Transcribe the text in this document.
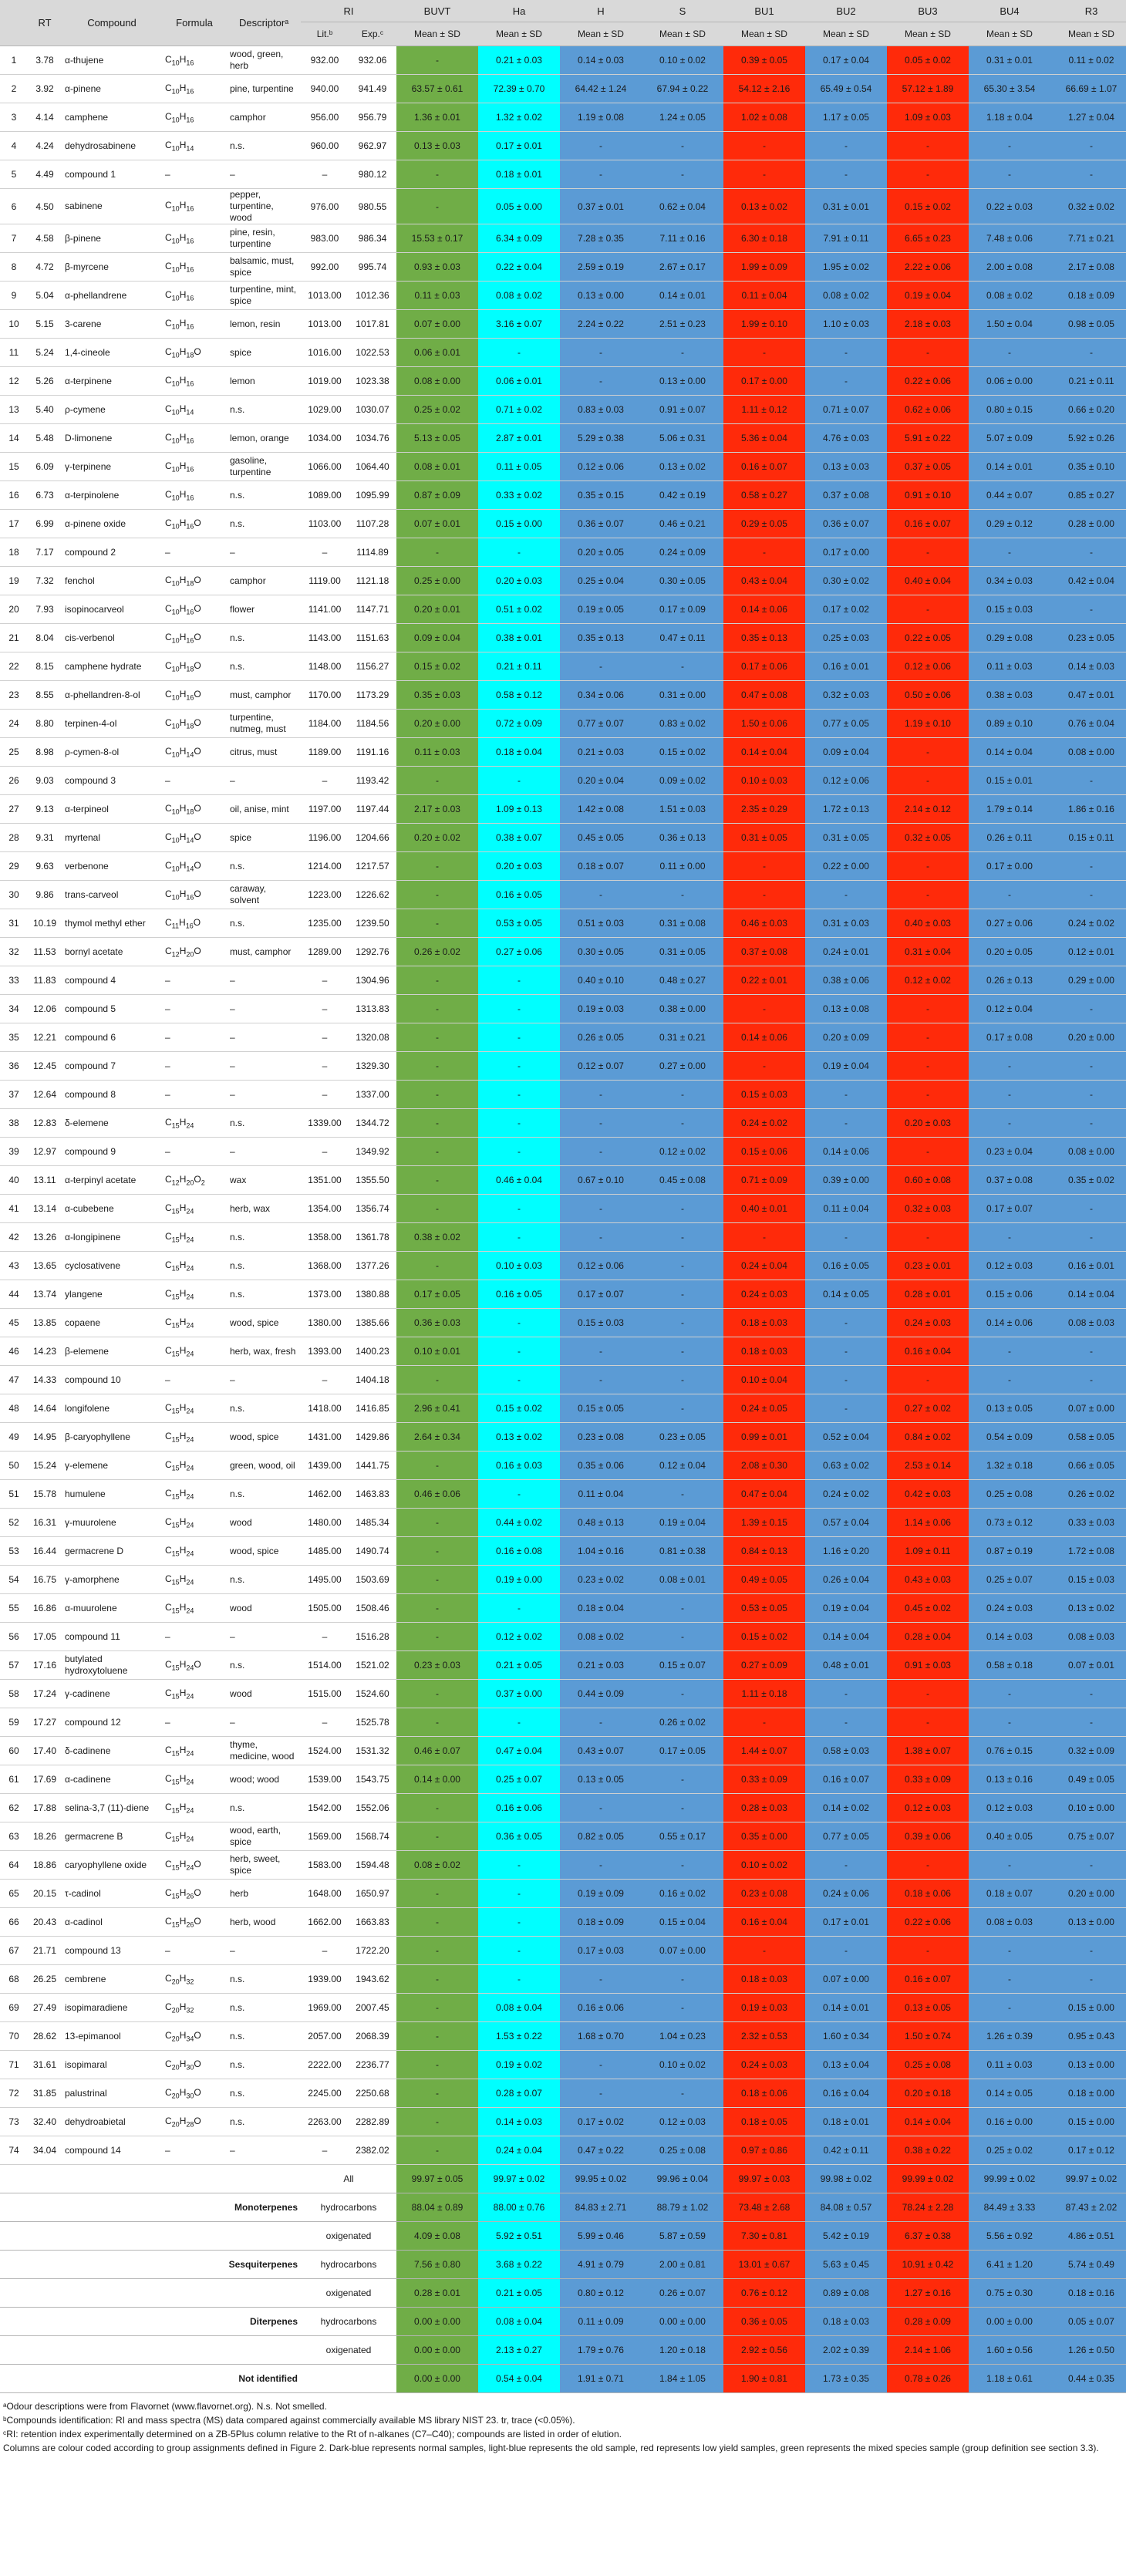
	RT	Compound	Formula	Descriptorᵃ	RI		BUVT	Ha	H	S	BU1	BU2	BU3	BU4	R3
					Lit.ᵇ	Exp.ᶜ	Mean ± SD	Mean ± SD	Mean ± SD	Mean ± SD	Mean ± SD	Mean ± SD	Mean ± SD	Mean ± SD	Mean ± SD
1	3.78	α-thujene	$C_{10}H_{16}$	wood, green, herb	932.00	932.06	-	0.21 ± 0.03	0.14 ± 0.03	0.10 ± 0.02	0.39 ± 0.05	0.17 ± 0.04	0.05 ± 0.02	0.31 ± 0.01	0.11 ± 0.02
2	3.92	α-pinene	$C_{10}H_{16}$	pine, turpentine	940.00	941.49	63.57 ± 0.61	72.39 ± 0.70	64.42 ± 1.24	67.94 ± 0.22	54.12 ± 2.16	65.49 ± 0.54	57.12 ± 1.89	65.30 ± 3.54	66.69 ± 1.07
3	4.14	camphene	$C_{10}H_{16}$	camphor	956.00	956.79	1.36 ± 0.01	1.32 ± 0.02	1.19 ± 0.08	1.24 ± 0.05	1.02 ± 0.08	1.17 ± 0.05	1.09 ± 0.03	1.18 ± 0.04	1.27 ± 0.04
4	4.24	dehydrosabinene	$C_{10}H_{14}$	n.s.	960.00	962.97	0.13 ± 0.03	0.17 ± 0.01	-	-	-	-	-	-	-
5	4.49	compound 1	–	–	–	980.12	-	0.18 ± 0.01	-	-	-	-	-	-	-
6	4.50	sabinene	$C_{10}H_{16}$	pepper, turpentine, wood	976.00	980.55	-	0.05 ± 0.00	0.37 ± 0.01	0.62 ± 0.04	0.13 ± 0.02	0.31 ± 0.01	0.15 ± 0.02	0.22 ± 0.03	0.32 ± 0.02
7	4.58	β-pinene	$C_{10}H_{16}$	pine, resin, turpentine	983.00	986.34	15.53 ± 0.17	6.34 ± 0.09	7.28 ± 0.35	7.11 ± 0.16	6.30 ± 0.18	7.91 ± 0.11	6.65 ± 0.23	7.48 ± 0.06	7.71 ± 0.21
8	4.72	β-myrcene	$C_{10}H_{16}$	balsamic, must, spice	992.00	995.74	0.93 ± 0.03	0.22 ± 0.04	2.59 ± 0.19	2.67 ± 0.17	1.99 ± 0.09	1.95 ± 0.02	2.22 ± 0.06	2.00 ± 0.08	2.17 ± 0.08
9	5.04	α-phellandrene	$C_{10}H_{16}$	turpentine, mint, spice	1013.00	1012.36	0.11 ± 0.03	0.08 ± 0.02	0.13 ± 0.00	0.14 ± 0.01	0.11 ± 0.04	0.08 ± 0.02	0.19 ± 0.04	0.08 ± 0.02	0.18 ± 0.09
10	5.15	3-carene	$C_{10}H_{16}$	lemon, resin	1013.00	1017.81	0.07 ± 0.00	3.16 ± 0.07	2.24 ± 0.22	2.51 ± 0.23	1.99 ± 0.10	1.10 ± 0.03	2.18 ± 0.03	1.50 ± 0.04	0.98 ± 0.05
11	5.24	1,4-cineole	$C_{10}H_{18}O$	spice	1016.00	1022.53	0.06 ± 0.01	-	-	-	-	-	-	-	-
12	5.26	α-terpinene	$C_{10}H_{16}$	lemon	1019.00	1023.38	0.08 ± 0.00	0.06 ± 0.01	-	0.13 ± 0.00	0.17 ± 0.00	-	0.22 ± 0.06	0.06 ± 0.00	0.21 ± 0.11
13	5.40	ρ-cymene	$C_{10}H_{14}$	n.s.	1029.00	1030.07	0.25 ± 0.02	0.71 ± 0.02	0.83 ± 0.03	0.91 ± 0.07	1.11 ± 0.12	0.71 ± 0.07	0.62 ± 0.06	0.80 ± 0.15	0.66 ± 0.20
14	5.48	D-limonene	$C_{10}H_{16}$	lemon, orange	1034.00	1034.76	5.13 ± 0.05	2.87 ± 0.01	5.29 ± 0.38	5.06 ± 0.31	5.36 ± 0.04	4.76 ± 0.03	5.91 ± 0.22	5.07 ± 0.09	5.92 ± 0.26
15	6.09	γ-terpinene	$C_{10}H_{16}$	gasoline, turpentine	1066.00	1064.40	0.08 ± 0.01	0.11 ± 0.05	0.12 ± 0.06	0.13 ± 0.02	0.16 ± 0.07	0.13 ± 0.03	0.37 ± 0.05	0.14 ± 0.01	0.35 ± 0.10
16	6.73	α-terpinolene	$C_{10}H_{16}$	n.s.	1089.00	1095.99	0.87 ± 0.09	0.33 ± 0.02	0.35 ± 0.15	0.42 ± 0.19	0.58 ± 0.27	0.37 ± 0.08	0.91 ± 0.10	0.44 ± 0.07	0.85 ± 0.27
17	6.99	α-pinene oxide	$C_{10}H_{16}O$	n.s.	1103.00	1107.28	0.07 ± 0.01	0.15 ± 0.00	0.36 ± 0.07	0.46 ± 0.21	0.29 ± 0.05	0.36 ± 0.07	0.16 ± 0.07	0.29 ± 0.12	0.28 ± 0.00
18	7.17	compound 2	–	–	–	1114.89	-	-	0.20 ± 0.05	0.24 ± 0.09	-	0.17 ± 0.00	-	-	-
19	7.32	fenchol	$C_{10}H_{18}O$	camphor	1119.00	1121.18	0.25 ± 0.00	0.20 ± 0.03	0.25 ± 0.04	0.30 ± 0.05	0.43 ± 0.04	0.30 ± 0.02	0.40 ± 0.04	0.34 ± 0.03	0.42 ± 0.04
20	7.93	isopinocarveol	$C_{10}H_{16}O$	flower	1141.00	1147.71	0.20 ± 0.01	0.51 ± 0.02	0.19 ± 0.05	0.17 ± 0.09	0.14 ± 0.06	0.17 ± 0.02	-	0.15 ± 0.03	-
21	8.04	cis-verbenol	$C_{10}H_{16}O$	n.s.	1143.00	1151.63	0.09 ± 0.04	0.38 ± 0.01	0.35 ± 0.13	0.47 ± 0.11	0.35 ± 0.13	0.25 ± 0.03	0.22 ± 0.05	0.29 ± 0.08	0.23 ± 0.05
22	8.15	camphene hydrate	$C_{10}H_{18}O$	n.s.	1148.00	1156.27	0.15 ± 0.02	0.21 ± 0.11	-	-	0.17 ± 0.06	0.16 ± 0.01	0.12 ± 0.06	0.11 ± 0.03	0.14 ± 0.03
23	8.55	α-phellandren-8-ol	$C_{10}H_{16}O$	must, camphor	1170.00	1173.29	0.35 ± 0.03	0.58 ± 0.12	0.34 ± 0.06	0.31 ± 0.00	0.47 ± 0.08	0.32 ± 0.03	0.50 ± 0.06	0.38 ± 0.03	0.47 ± 0.01
24	8.80	terpinen-4-ol	$C_{10}H_{18}O$	turpentine, nutmeg, must	1184.00	1184.56	0.20 ± 0.00	0.72 ± 0.09	0.77 ± 0.07	0.83 ± 0.02	1.50 ± 0.06	0.77 ± 0.05	1.19 ± 0.10	0.89 ± 0.10	0.76 ± 0.04
25	8.98	ρ-cymen-8-ol	$C_{10}H_{14}O$	citrus, must	1189.00	1191.16	0.11 ± 0.03	0.18 ± 0.04	0.21 ± 0.03	0.15 ± 0.02	0.14 ± 0.04	0.09 ± 0.04	-	0.14 ± 0.04	0.08 ± 0.00
26	9.03	compound 3	–	–	–	1193.42	-	-	0.20 ± 0.04	0.09 ± 0.02	0.10 ± 0.03	0.12 ± 0.06	-	0.15 ± 0.01	-
27	9.13	α-terpineol	$C_{10}H_{18}O$	oil, anise, mint	1197.00	1197.44	2.17 ± 0.03	1.09 ± 0.13	1.42 ± 0.08	1.51 ± 0.03	2.35 ± 0.29	1.72 ± 0.13	2.14 ± 0.12	1.79 ± 0.14	1.86 ± 0.16
28	9.31	myrtenal	$C_{10}H_{14}O$	spice	1196.00	1204.66	0.20 ± 0.02	0.38 ± 0.07	0.45 ± 0.05	0.36 ± 0.13	0.31 ± 0.05	0.31 ± 0.05	0.32 ± 0.05	0.26 ± 0.11	0.15 ± 0.11
29	9.63	verbenone	$C_{10}H_{14}O$	n.s.	1214.00	1217.57	-	0.20 ± 0.03	0.18 ± 0.07	0.11 ± 0.00	-	0.22 ± 0.00	-	0.17 ± 0.00	-
30	9.86	trans-carveol	$C_{10}H_{16}O$	caraway, solvent	1223.00	1226.62	-	0.16 ± 0.05	-	-	-	-	-	-	-
31	10.19	thymol methyl ether	$C_{11}H_{16}O$	n.s.	1235.00	1239.50	-	0.53 ± 0.05	0.51 ± 0.03	0.31 ± 0.08	0.46 ± 0.03	0.31 ± 0.03	0.40 ± 0.03	0.27 ± 0.06	0.24 ± 0.02
32	11.53	bornyl acetate	$C_{12}H_{20}O$	must, camphor	1289.00	1292.76	0.26 ± 0.02	0.27 ± 0.06	0.30 ± 0.05	0.31 ± 0.05	0.37 ± 0.08	0.24 ± 0.01	0.31 ± 0.04	0.20 ± 0.05	0.12 ± 0.01
33	11.83	compound 4	–	–	–	1304.96	-	-	0.40 ± 0.10	0.48 ± 0.27	0.22 ± 0.01	0.38 ± 0.06	0.12 ± 0.02	0.26 ± 0.13	0.29 ± 0.00
34	12.06	compound 5	–	–	–	1313.83	-	-	0.19 ± 0.03	0.38 ± 0.00	-	0.13 ± 0.08	-	0.12 ± 0.04	-
35	12.21	compound 6	–	–	–	1320.08	-	-	0.26 ± 0.05	0.31 ± 0.21	0.14 ± 0.06	0.20 ± 0.09	-	0.17 ± 0.08	0.20 ± 0.00
36	12.45	compound 7	–	–	–	1329.30	-	-	0.12 ± 0.07	0.27 ± 0.00	-	0.19 ± 0.04	-	-	-
37	12.64	compound 8	–	–	–	1337.00	-	-	-	-	0.15 ± 0.03	-	-	-	-
38	12.83	δ-elemene	$C_{15}H_{24}$	n.s.	1339.00	1344.72	-	-	-	-	0.24 ± 0.02	-	0.20 ± 0.03	-	-
39	12.97	compound 9	–	–	–	1349.92	-	-	-	0.12 ± 0.02	0.15 ± 0.06	0.14 ± 0.06	-	0.23 ± 0.04	0.08 ± 0.00
40	13.11	α-terpinyl acetate	$C_{12}H_{20}O_2$	wax	1351.00	1355.50	-	0.46 ± 0.04	0.67 ± 0.10	0.45 ± 0.08	0.71 ± 0.09	0.39 ± 0.00	0.60 ± 0.08	0.37 ± 0.08	0.35 ± 0.02
41	13.14	α-cubebene	$C_{15}H_{24}$	herb, wax	1354.00	1356.74	-	-	-	-	0.40 ± 0.01	0.11 ± 0.04	0.32 ± 0.03	0.17 ± 0.07	-
42	13.26	α-longipinene	$C_{15}H_{24}$	n.s.	1358.00	1361.78	0.38 ± 0.02	-	-	-	-	-	-	-	-
43	13.65	cyclosativene	$C_{15}H_{24}$	n.s.	1368.00	1377.26	-	0.10 ± 0.03	0.12 ± 0.06	-	0.24 ± 0.04	0.16 ± 0.05	0.23 ± 0.01	0.12 ± 0.03	0.16 ± 0.01
44	13.74	ylangene	$C_{15}H_{24}$	n.s.	1373.00	1380.88	0.17 ± 0.05	0.16 ± 0.05	0.17 ± 0.07	-	0.24 ± 0.03	0.14 ± 0.05	0.28 ± 0.01	0.15 ± 0.06	0.14 ± 0.04
45	13.85	copaene	$C_{15}H_{24}$	wood, spice	1380.00	1385.66	0.36 ± 0.03	-	0.15 ± 0.03	-	0.18 ± 0.03	-	0.24 ± 0.03	0.14 ± 0.06	0.08 ± 0.03
46	14.23	β-elemene	$C_{15}H_{24}$	herb, wax, fresh	1393.00	1400.23	0.10 ± 0.01	-	-	-	0.18 ± 0.03	-	0.16 ± 0.04	-	-
47	14.33	compound 10	–	–	–	1404.18	-	-	-	-	0.10 ± 0.04	-	-	-	-
48	14.64	longifolene	$C_{15}H_{24}$	n.s.	1418.00	1416.85	2.96 ± 0.41	0.15 ± 0.02	0.15 ± 0.05	-	0.24 ± 0.05	-	0.27 ± 0.02	0.13 ± 0.05	0.07 ± 0.00
49	14.95	β-caryophyllene	$C_{15}H_{24}$	wood, spice	1431.00	1429.86	2.64 ± 0.34	0.13 ± 0.02	0.23 ± 0.08	0.23 ± 0.05	0.99 ± 0.01	0.52 ± 0.04	0.84 ± 0.02	0.54 ± 0.09	0.58 ± 0.05
50	15.24	γ-elemene	$C_{15}H_{24}$	green, wood, oil	1439.00	1441.75	-	0.16 ± 0.03	0.35 ± 0.06	0.12 ± 0.04	2.08 ± 0.30	0.63 ± 0.02	2.53 ± 0.14	1.32 ± 0.18	0.66 ± 0.05
51	15.78	humulene	$C_{15}H_{24}$	n.s.	1462.00	1463.83	0.46 ± 0.06	-	0.11 ± 0.04	-	0.47 ± 0.04	0.24 ± 0.02	0.42 ± 0.03	0.25 ± 0.08	0.26 ± 0.02
52	16.31	γ-muurolene	$C_{15}H_{24}$	wood	1480.00	1485.34	-	0.44 ± 0.02	0.48 ± 0.13	0.19 ± 0.04	1.39 ± 0.15	0.57 ± 0.04	1.14 ± 0.06	0.73 ± 0.12	0.33 ± 0.03
53	16.44	germacrene D	$C_{15}H_{24}$	wood, spice	1485.00	1490.74	-	0.16 ± 0.08	1.04 ± 0.16	0.81 ± 0.38	0.84 ± 0.13	1.16 ± 0.20	1.09 ± 0.11	0.87 ± 0.19	1.72 ± 0.08
54	16.75	γ-amorphene	$C_{15}H_{24}$	n.s.	1495.00	1503.69	-	0.19 ± 0.00	0.23 ± 0.02	0.08 ± 0.01	0.49 ± 0.05	0.26 ± 0.04	0.43 ± 0.03	0.25 ± 0.07	0.15 ± 0.03
55	16.86	α-muurolene	$C_{15}H_{24}$	wood	1505.00	1508.46	-	-	0.18 ± 0.04	-	0.53 ± 0.05	0.19 ± 0.04	0.45 ± 0.02	0.24 ± 0.03	0.13 ± 0.02
56	17.05	compound 11	–	–	–	1516.28	-	0.12 ± 0.02	0.08 ± 0.02	-	0.15 ± 0.02	0.14 ± 0.04	0.28 ± 0.04	0.14 ± 0.03	0.08 ± 0.03
57	17.16	butylated hydroxytoluene	$C_{15}H_{24}O$	n.s.	1514.00	1521.02	0.23 ± 0.03	0.21 ± 0.05	0.21 ± 0.03	0.15 ± 0.07	0.27 ± 0.09	0.48 ± 0.01	0.91 ± 0.03	0.58 ± 0.18	0.07 ± 0.01
58	17.24	γ-cadinene	$C_{15}H_{24}$	wood	1515.00	1524.60	-	0.37 ± 0.00	0.44 ± 0.09	-	1.11 ± 0.18	-	-	-	-
59	17.27	compound 12	–	–	–	1525.78	-	-	-	0.26 ± 0.02	-	-	-	-	-
60	17.40	δ-cadinene	$C_{15}H_{24}$	thyme, medicine, wood	1524.00	1531.32	0.46 ± 0.07	0.47 ± 0.04	0.43 ± 0.07	0.17 ± 0.05	1.44 ± 0.07	0.58 ± 0.03	1.38 ± 0.07	0.76 ± 0.15	0.32 ± 0.09
61	17.69	α-cadinene	$C_{15}H_{24}$	wood; wood	1539.00	1543.75	0.14 ± 0.00	0.25 ± 0.07	0.13 ± 0.05	-	0.33 ± 0.09	0.16 ± 0.07	0.33 ± 0.09	0.13 ± 0.16	0.49 ± 0.05
62	17.88	selina-3,7 (11)-diene	$C_{15}H_{24}$	n.s.	1542.00	1552.06	-	0.16 ± 0.06	-	-	0.28 ± 0.03	0.14 ± 0.02	0.12 ± 0.03	0.12 ± 0.03	0.10 ± 0.00
63	18.26	germacrene B	$C_{15}H_{24}$	wood, earth, spice	1569.00	1568.74	-	0.36 ± 0.05	0.82 ± 0.05	0.55 ± 0.17	0.35 ± 0.00	0.77 ± 0.05	0.39 ± 0.06	0.40 ± 0.05	0.75 ± 0.07
64	18.86	caryophyllene oxide	$C_{15}H_{24}O$	herb, sweet, spice	1583.00	1594.48	0.08 ± 0.02	-	-	-	0.10 ± 0.02	-	-	-	-
65	20.15	τ-cadinol	$C_{15}H_{26}O$	herb	1648.00	1650.97	-	-	0.19 ± 0.09	0.16 ± 0.02	0.23 ± 0.08	0.24 ± 0.06	0.18 ± 0.06	0.18 ± 0.07	0.20 ± 0.00
66	20.43	α-cadinol	$C_{15}H_{26}O$	herb, wood	1662.00	1663.83	-	-	0.18 ± 0.09	0.15 ± 0.04	0.16 ± 0.04	0.17 ± 0.01	0.22 ± 0.06	0.08 ± 0.03	0.13 ± 0.00
67	21.71	compound 13	–	–	–	1722.20	-	-	0.17 ± 0.03	0.07 ± 0.00	-	-	-	-	-
68	26.25	cembrene	$C_{20}H_{32}$	n.s.	1939.00	1943.62	-	-	-	-	0.18 ± 0.03	0.07 ± 0.00	0.16 ± 0.07	-	-
69	27.49	isopimaradiene	$C_{20}H_{32}$	n.s.	1969.00	2007.45	-	0.08 ± 0.04	0.16 ± 0.06	-	0.19 ± 0.03	0.14 ± 0.01	0.13 ± 0.05	-	0.15 ± 0.00
70	28.62	13-epimanool	$C_{20}H_{34}O$	n.s.	2057.00	2068.39	-	1.53 ± 0.22	1.68 ± 0.70	1.04 ± 0.23	2.32 ± 0.53	1.60 ± 0.34	1.50 ± 0.74	1.26 ± 0.39	0.95 ± 0.43
71	31.61	isopimaral	$C_{20}H_{30}O$	n.s.	2222.00	2236.77	-	0.19 ± 0.02	-	0.10 ± 0.02	0.24 ± 0.03	0.13 ± 0.04	0.25 ± 0.08	0.11 ± 0.03	0.13 ± 0.00
72	31.85	palustrinal	$C_{20}H_{30}O$	n.s.	2245.00	2250.68	-	0.28 ± 0.07	-	-	0.18 ± 0.06	0.16 ± 0.04	0.20 ± 0.18	0.14 ± 0.05	0.18 ± 0.00
73	32.40	dehydroabietal	$C_{20}H_{28}O$	n.s.	2263.00	2282.89	-	0.14 ± 0.03	0.17 ± 0.02	0.12 ± 0.03	0.18 ± 0.05	0.18 ± 0.01	0.14 ± 0.04	0.16 ± 0.00	0.15 ± 0.00
74	34.04	compound 14	–	–	–	2382.02	-	0.24 ± 0.04	0.47 ± 0.22	0.25 ± 0.08	0.97 ± 0.86	0.42 ± 0.11	0.38 ± 0.22	0.25 ± 0.02	0.17 ± 0.12
					All		99.97 ± 0.05	99.97 ± 0.02	99.95 ± 0.02	99.96 ± 0.04	99.97 ± 0.03	99.98 ± 0.02	99.99 ± 0.02	99.99 ± 0.02	99.97 ± 0.02
Monoterpenes					hydrocarbons		88.04 ± 0.89	88.00 ± 0.76	84.83 ± 2.71	88.79 ± 1.02	73.48 ± 2.68	84.08 ± 0.57	78.24 ± 2.28	84.49 ± 3.33	87.43 ± 2.02
					oxigenated		4.09 ± 0.08	5.92 ± 0.51	5.99 ± 0.46	5.87 ± 0.59	7.30 ± 0.81	5.42 ± 0.19	6.37 ± 0.38	5.56 ± 0.92	4.86 ± 0.51
Sesquiterpenes					hydrocarbons		7.56 ± 0.80	3.68 ± 0.22	4.91 ± 0.79	2.00 ± 0.81	13.01 ± 0.67	5.63 ± 0.45	10.91 ± 0.42	6.41 ± 1.20	5.74 ± 0.49
					oxigenated		0.28 ± 0.01	0.21 ± 0.05	0.80 ± 0.12	0.26 ± 0.07	0.76 ± 0.12	0.89 ± 0.08	1.27 ± 0.16	0.75 ± 0.30	0.18 ± 0.16
Diterpenes					hydrocarbons		0.00 ± 0.00	0.08 ± 0.04	0.11 ± 0.09	0.00 ± 0.00	0.36 ± 0.05	0.18 ± 0.03	0.28 ± 0.09	0.00 ± 0.00	0.05 ± 0.07
					oxigenated		0.00 ± 0.00	2.13 ± 0.27	1.79 ± 0.76	1.20 ± 0.18	2.92 ± 0.56	2.02 ± 0.39	2.14 ± 1.06	1.60 ± 0.56	1.26 ± 0.50
Not identified							0.00 ± 0.00	0.54 ± 0.04	1.91 ± 0.71	1.84 ± 1.05	1.90 ± 0.81	1.73 ± 0.35	0.78 ± 0.26	1.18 ± 0.61	0.44 ± 0.35

ᵃOdour descriptions were from Flavornet (www.flavornet.org). N.s. Not smelled.

ᵇCompounds identification: RI and mass spectra (MS) data compared against commercially available MS library NIST 23. tr, trace (<0.05%).

ᶜRI: retention index experimentally determined on a ZB-5Plus column relative to the Rt of n-alkanes (C7–C40); compounds are listed in order of elution.

Columns are colour coded according to group assignments defined in Figure 2. Dark-blue represents normal samples, light-blue represents the old sample, red represents low yield samples, green represents the mixed species sample (group definition see section 3.3).
